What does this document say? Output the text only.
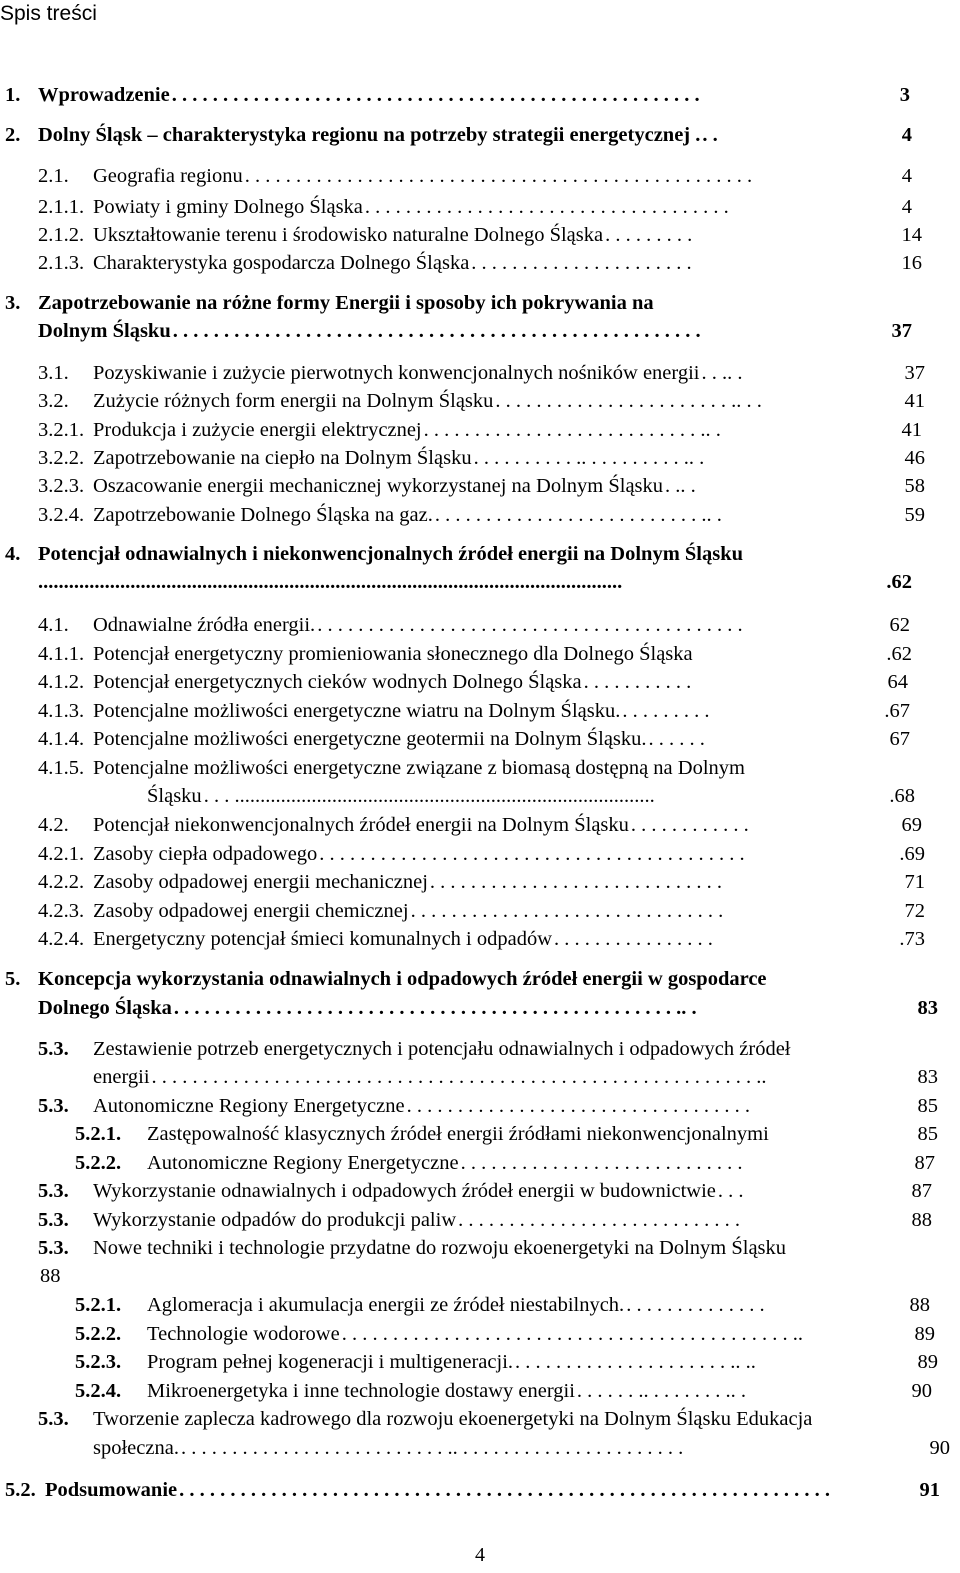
Spis treści
1. Wprowadzenie	3
. . . . . . . . . . . . . . . . . . . . . . . . . . . . . . . . . . . . . . . . . . . . . . . . . . . .
2. Dolny Śląsk – charakterystyka regionu na potrzeby strategii energetycznej .	4
. .
2.1. Geografia regionu	4
. . . . . . . . . . . . . . . . . . . . . . . . . . . . . . . . . . . . . . . . . . . . . . . . . .
2.1.1. Powiaty i gminy Dolnego Śląska	4
. . . . . . . . . . . . . . . . . . . . . . . . . . . . . . . . . . . .
2.1.2. Ukształtowanie terenu i środowisko naturalne Dolnego Śląska	14
. . . . . . . . .
2.1.3. Charakterystyka gospodarcza Dolnego Śląska	16
. . . . . . . . . . . . . . . . . . . . . .
3. Zapotrzebowanie na różne formy Energii i sposoby ich pokrywania na
Dolnym Śląsku	37
. . . . . . . . . . . . . . . . . . . . . . . . . . . . . . . . . . . . . . . . . . . . . . . . . . . .
3.1. Pozyskiwanie i zużycie pierwotnych konwencjonalnych nośników energii	37
. . .. .
3.2. Zużycie różnych form energii na Dolnym Śląsku	41
. . . . . . . . . . . . . . . . . . . . . . . .. . .
3.2.1. Produkcja i zużycie energii elektrycznej	41
. . . . . . . . . . . . . . . . . . . . . . . . . . . .. .
3.2.2. Zapotrzebowanie na ciepło na Dolnym Śląsku	46
. . . . . . . . . . .. . . . . . . . . . .. .
3.2.3. Oszacowanie energii mechanicznej wykorzystanej na Dolnym Śląsku	58
. .. .
3.2.4. Zapotrzebowanie Dolnego Śląska na gaz.	59
. . . . . . . . . . . . . . . . . . . . . . . . . . .. .
4. Potencjał odnawialnych i niekonwencjonalnych źródeł energii na Dolnym Śląsku
.62
..................................................................................................................
4.1. Odnawialne źródła energii.	62
. . . . . . . . . . . . . . . . . . . . . . . . . . . . . . . . . . . . . . . . . .
4.1.1. Potencjał energetyczny promieniowania słonecznego dla Dolnego Śląska	.62
4.1.2. Potencjał energetycznych cieków wodnych Dolnego Śląska	64
. . . . . . . . . . .
4.1.3. Potencjalne możliwości energetyczne wiatru na Dolnym Śląsku.	.67
. . . . . . . . .
4.1.4. Potencjalne możliwości energetyczne geotermii na Dolnym Śląsku.	67
. . . . . .
4.1.5. Potencjalne możliwości energetyczne związane z biomasą dostępną na Dolnym
Śląsku	.68
. . . ..................................................................................
4.2. Potencjał niekonwencjonalnych źródeł energii na Dolnym Śląsku	69
. . . . . . . . . . . .
4.2.1. Zasoby ciepła odpadowego	.69
. . . . . . . . . . . . . . . . . . . . . . . . . . . . . . . . . . . . . . . . . .
4.2.2. Zasoby odpadowej energii mechanicznej	71
. . . . . . . . . . . . . . . . . . . . . . . . . . . . .
4.2.3. Zasoby odpadowej energii chemicznej	72
. . . . . . . . . . . . . . . . . . . . . . . . . . . . . . .
4.2.4. Energetyczny potencjał śmieci komunalnych i odpadów	.73
. . . . . . . . . . . . . . . .
5. Koncepcja wykorzystania odnawialnych i odpadowych źródeł energii w gospodarce
Dolnego Śląska	83
. . . . . . . . . . . . . . . . . . . . . . . . . . . . . . . . . . . . . . . . . . . . . . . . . .. .
5.3. Zestawienie potrzeb energetycznych i potencjału odnawialnych i odpadowych źródeł
energii	83
. . . . . . . . . . . . . . . . . . . . . . . . . . . . . . . . . . . . . . . . . . . . . . . . . . . . . . . . . . . ..
5.3. Autonomiczne Regiony Energetyczne	85
. . . . . . . . . . . . . . . . . . . . . . . . . . . . . . . . . .
5.2.1. Zastępowalność klasycznych źródeł energii źródłami niekonwencjonalnymi	85
5.2.2. Autonomiczne Regiony Energetyczne	87
. . . . . . . . . . . . . . . . . . . . . . . . . . . .
5.3. Wykorzystanie odnawialnych i odpadowych źródeł energii w budownictwie	87
. . .
5.3. Wykorzystanie odpadów do produkcji paliw	88
. . . . . . . . . . . . . . . . . . . . . . . . . . . .
5.3. Nowe techniki i technologie przydatne do rozwoju ekoenergetyki na Dolnym Śląsku
88
5.2.1. Aglomeracja i akumulacja energii ze źródeł niestabilnych.	88
. . . . . . . . . . . . . .
5.2.2. Technologie wodorowe	89
. . . . . . . . . . . . . . . . . . . . . . . . . . . . . . . . . . . . . . . . . . . . ..
5.2.3. Program pełnej kogeneracji i multigeneracji.	89
. . . . . . . . . . . . . . . . . . . . . .. ..
5.2.4. Mikroenergetyka i inne technologie dostawy energii	90
. . . . . . .. . . . . . . . .. .
5.3. Tworzenie zaplecza kadrowego dla rozwoju ekoenergetyki na Dolnym Śląsku Edukacja
społeczna.	90
. . . . . . . . . . . . . . . . . . . . . . . . . . .. . . . . . . . . . . . . . . . . . . . . . .
5.2. Podsumowanie	91
. . . . . . . . . . . . . . . . . . . . . . . . . . . . . . . . . . . . . . . . . . . . . . . . . . . . . . . . . . . . . . . .
4
